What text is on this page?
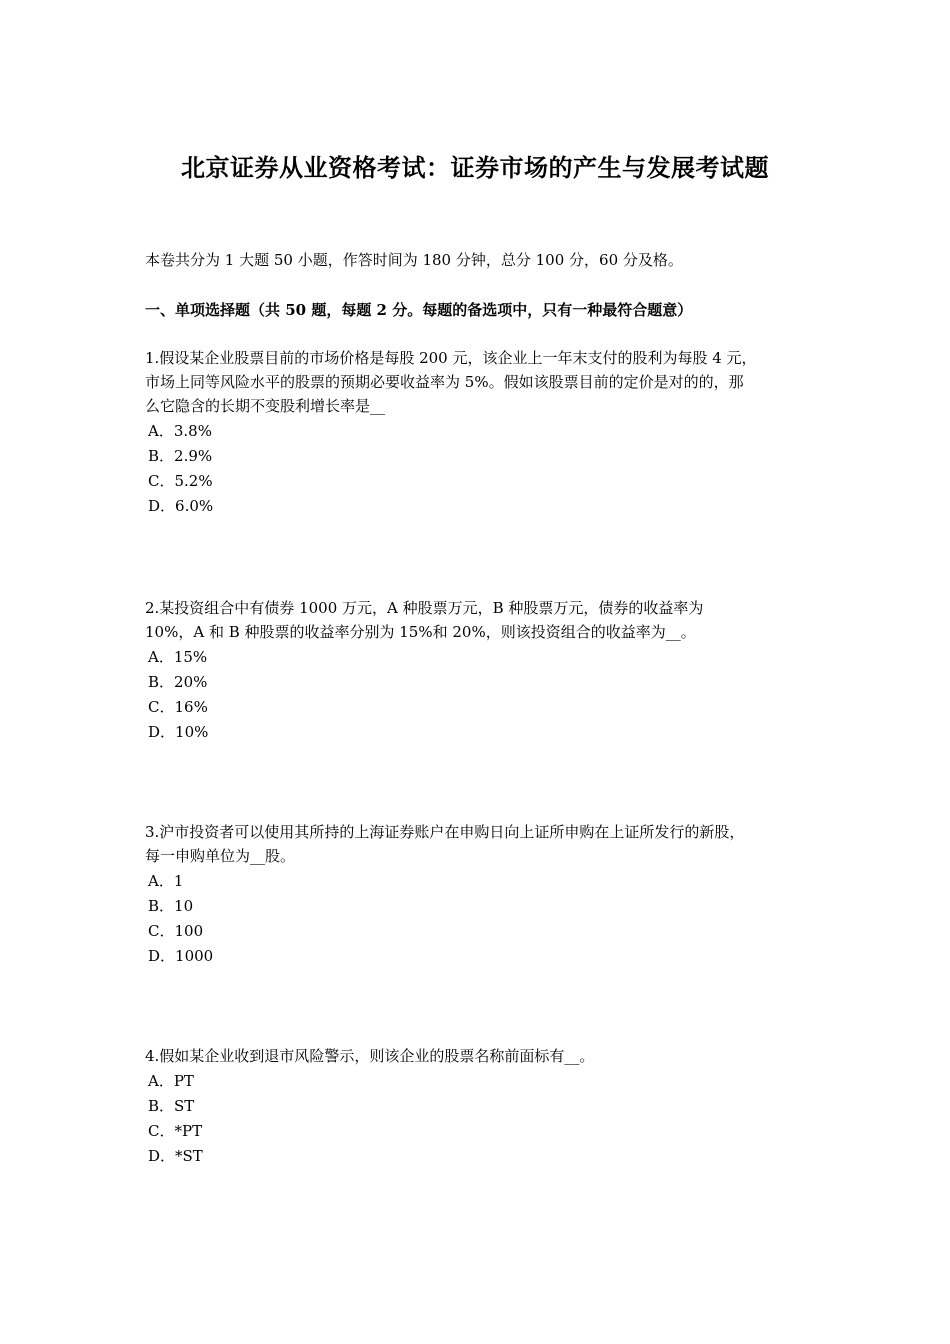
北京证券从业资格考试：证券市场的产生与发展考试题
本卷共分为 1 大题 50 小题，作答时间为 180 分钟，总分 100 分，60 分及格。
一、单项选择题（共 50 题，每题 2 分。每题的备选项中，只有一种最符合题意）
1.假设某企业股票目前的市场价格是每股 200 元，该企业上一年末支付的股利为每股 4 元，
市场上同等风险水平的股票的预期必要收益率为 5%。假如该股票目前的定价是对的的，那
么它隐含的长期不变股利增长率是__
A． 3.8%
B． 2.9%
C． 5.2%
D． 6.0%
2.某投资组合中有债券 1000 万元，A 种股票万元，B 种股票万元，债券的收益率为
10%，A 和 B 种股票的收益率分别为 15%和 20%，则该投资组合的收益率为__。
A． 15%
B． 20%
C． 16%
D． 10%
3.沪市投资者可以使用其所持的上海证券账户在申购日向上证所申购在上证所发行的新股，
每一申购单位为__股。
A． 1
B． 10
C． 100
D． 1000
4.假如某企业收到退市风险警示，则该企业的股票名称前面标有__。
A． PT
B． ST
C． *PT
D． *ST
